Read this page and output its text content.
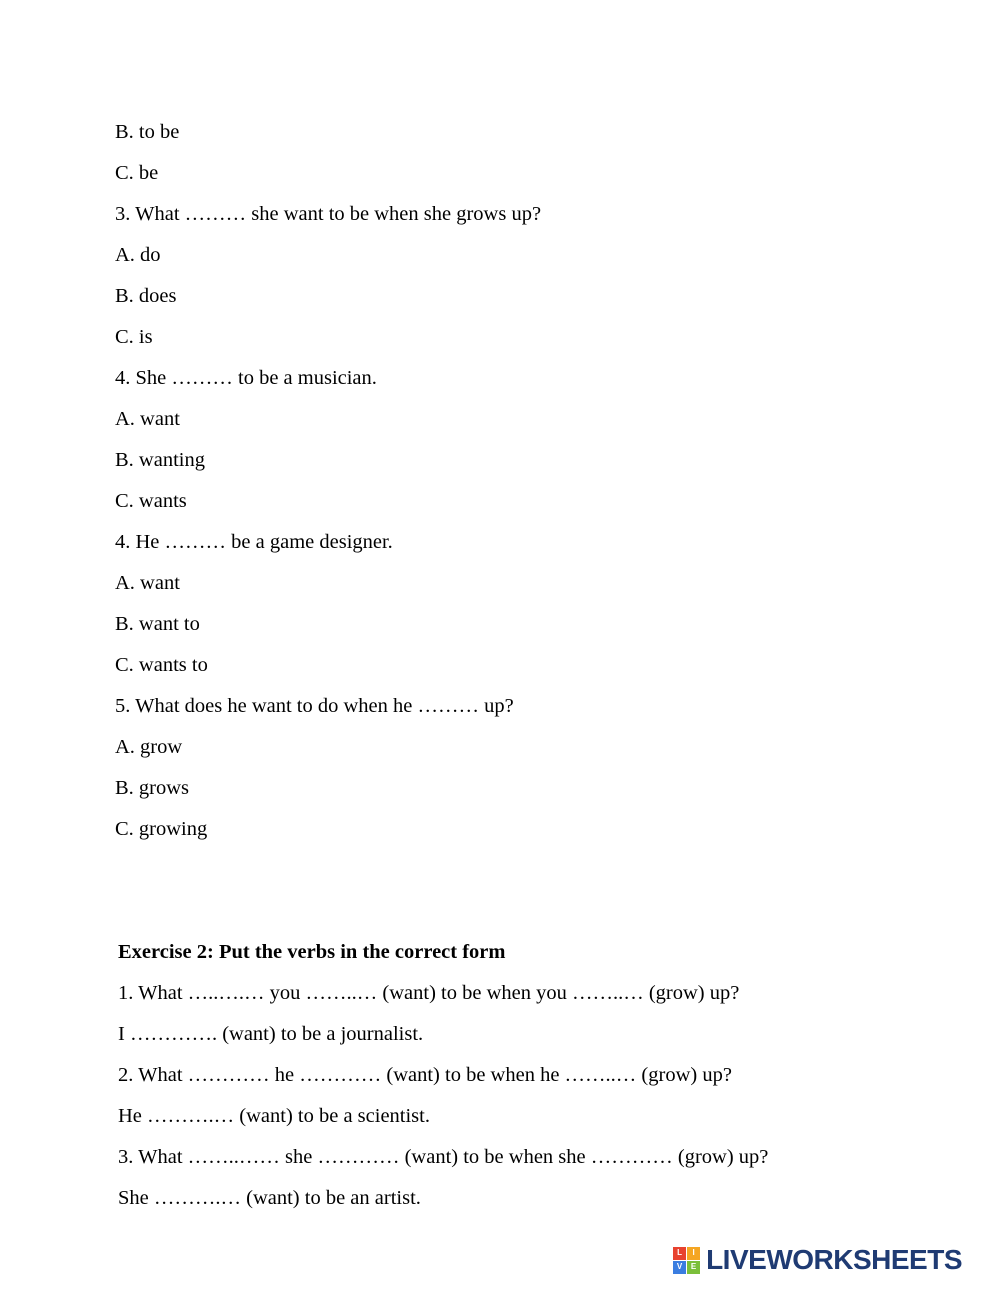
B. to be
C. be
3. What ……… she want to be when she grows up?
A. do
B. does
C. is
4. She ……… to be a musician.
A. want
B. wanting
C. wants
4. He ……… be a game designer.
A. want
B. want to
C. wants to
5. What does he want to do when he ……… up?
A. grow
B. grows
C. growing
Exercise 2: Put the verbs in the correct form
1. What …..….… you ……..… (want) to be when you ……..… (grow) up?
I …………. (want) to be a journalist.
2. What ………… he ………… (want) to be when he ……..… (grow) up?
He ……….… (want) to be a scientist.
3. What ……..…… she ………… (want) to be when she ………… (grow) up?
She ……….… (want) to be an artist.
L	I
V	E LIVEWORKSHEETS
